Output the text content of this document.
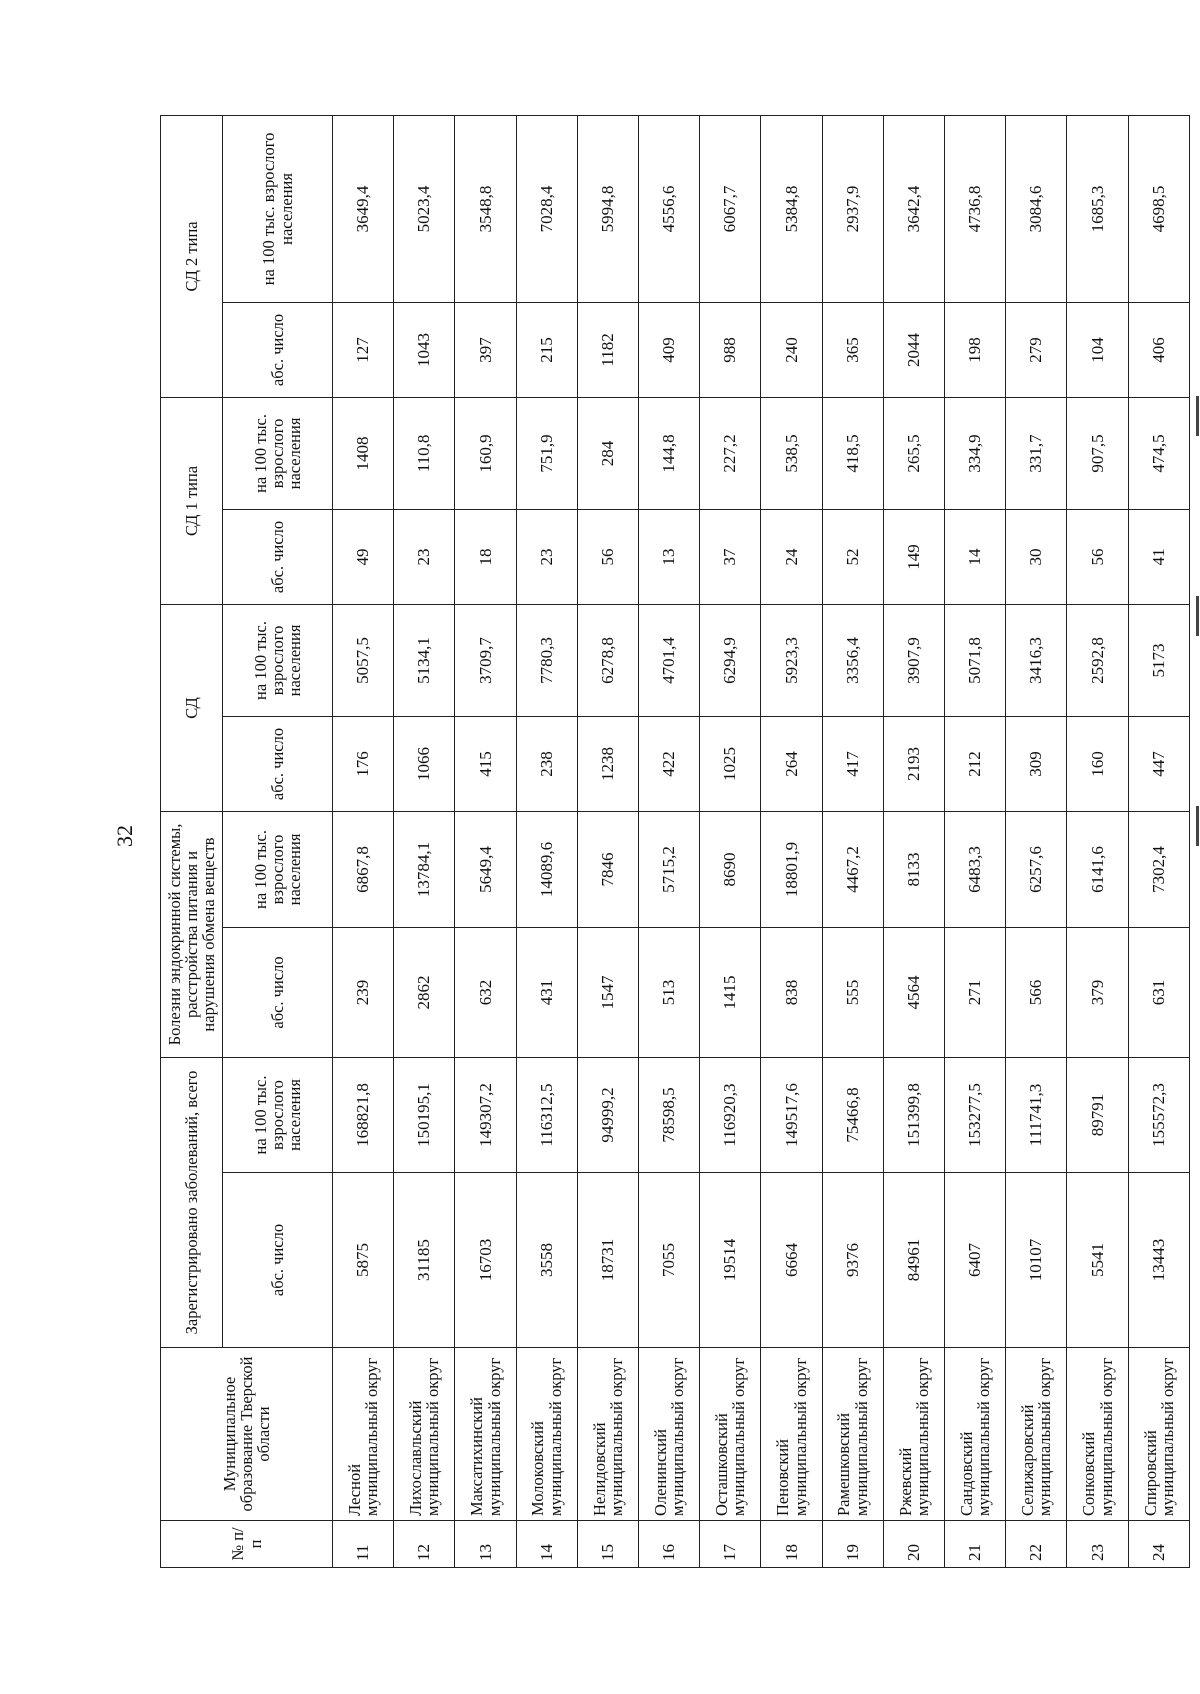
32
№ п/п	Муниципальное образование Тверской области	Зарегистрировано заболеваний, всего		Болезни эндокринной системы, расстройства питания и нарушения обмена веществ		СД		СД 1 типа		СД 2 типа	
		абс. число	на 100 тыс. взрослого населения	абс. число	на 100 тыс. взрослого населения	абс. число	на 100 тыс. взрослого населения	абс. число	на 100 тыс. взрослого населения	абс. число	на 100 тыс. взрослого населения
11	Лесной муниципальный округ	5875	168821,8	239	6867,8	176	5057,5	49	1408	127	3649,4
12	Лихославльский муниципальный округ	31185	150195,1	2862	13784,1	1066	5134,1	23	110,8	1043	5023,4
13	Максатихинский муниципальный округ	16703	149307,2	632	5649,4	415	3709,7	18	160,9	397	3548,8
14	Молоковский муниципальный округ	3558	116312,5	431	14089,6	238	7780,3	23	751,9	215	7028,4
15	Нелидовский муниципальный округ	18731	94999,2	1547	7846	1238	6278,8	56	284	1182	5994,8
16	Оленинский муниципальный округ	7055	78598,5	513	5715,2	422	4701,4	13	144,8	409	4556,6
17	Осташковский муниципальный округ	19514	116920,3	1415	8690	1025	6294,9	37	227,2	988	6067,7
18	Пеновский муниципальный округ	6664	149517,6	838	18801,9	264	5923,3	24	538,5	240	5384,8
19	Рамешковский муниципальный округ	9376	75466,8	555	4467,2	417	3356,4	52	418,5	365	2937,9
20	Ржевский муниципальный округ	84961	151399,8	4564	8133	2193	3907,9	149	265,5	2044	3642,4
21	Сандовский муниципальный округ	6407	153277,5	271	6483,3	212	5071,8	14	334,9	198	4736,8
22	Селижаровский муниципальный округ	10107	111741,3	566	6257,6	309	3416,3	30	331,7	279	3084,6
23	Сонковский муниципальный округ	5541	89791	379	6141,6	160	2592,8	56	907,5	104	1685,3
24	Спировский муниципальный округ	13443	155572,3	631	7302,4	447	5173	41	474,5	406	4698,5
